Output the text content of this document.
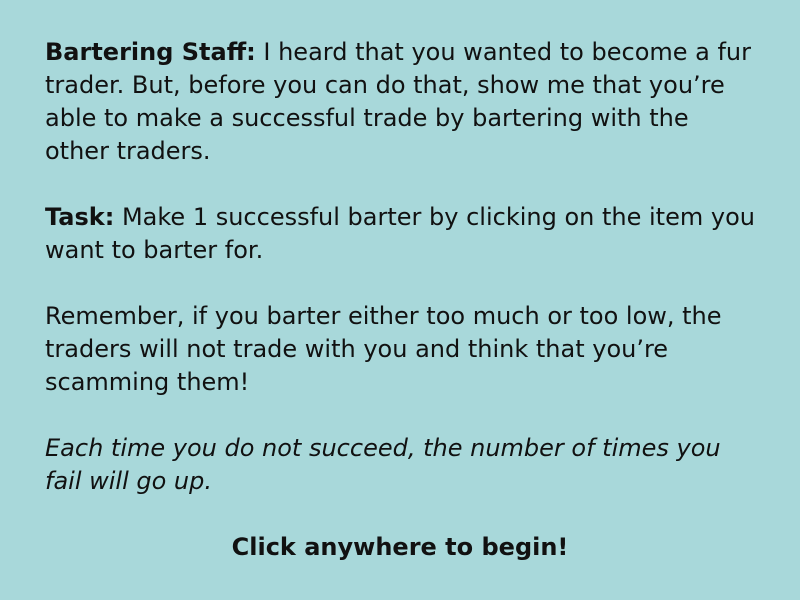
Bartering Staff: I heard that you wanted to become a fur trader. But, before you can do that, show me that you’re able to make a successful trade by bartering with the other traders.

Task: Make 1 successful barter by clicking on the item you want to barter for.

Remember, if you barter either too much or too low, the traders will not trade with you and think that you’re scamming them!

Each time you do not succeed, the number of times you fail will go up.

Click anywhere to begin!
